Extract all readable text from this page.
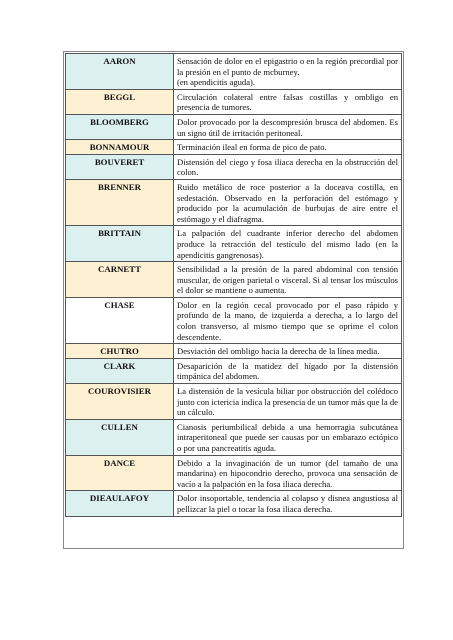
AARON	Sensación de dolor en el epigastrio o en la región precordial por la presión en el punto de mcburney.
(en apendicitis aguda).
BEGGL	Circulación colateral entre falsas costillas y ombligo en presencia de tumores.
BLOOMBERG	Dolor provocado por la descompresión brusca del abdomen. Es un signo útil de irritación peritoneal.
BONNAMOUR	Terminación ileal en forma de pico de pato.
BOUVERET	Distensión del ciego y fosa iliaca derecha en la obstrucción del colon.
BRENNER	Ruido metálico de roce posterior a la doceava costilla, en sedestación. Observado en la perforación del estómago y producido por la acumulación de burbujas de aire entre el estómago y el diafragma.
BRITTAIN	La palpación del cuadrante inferior derecho del abdomen produce la retracción del testículo del mismo lado (en la apendicitis gangrenosas).
CARNETT	Sensibilidad a la presión de la pared abdominal con tensión muscular, de origen parietal o visceral. Si al tensar los músculos el dolor se mantiene o aumenta.
CHASE	Dolor en la región cecal provocado por el paso rápido y profundo de la mano, de izquierda a derecha, a lo largo del colon transverso, al mismo tiempo que se oprime el colon descendente.
CHUTRO	Desviación del ombligo hacia la derecha de la línea media.
CLARK	Desaparición de la matidez del hígado por la distensión timpánica del abdomen.
COUROVISIER	La distensión de la vesícula biliar por obstrucción del colédoco junto con ictericia indica la presencia de un tumor más que la de un cálculo.
CULLEN	Cianosis periumbilical debida a una hemorragia subcutánea intraperitoneal que puede ser causas por un embarazo ectópico o por una pancreatitis aguda.
DANCE	Debido a la invaginación de un tumor (del tamaño de una mandarina) en hipocondrio derecho, provoca una sensación de vacío a la palpación en la fosa iliaca derecha.
DIEAULAFOY	Dolor insoportable, tendencia al colapso y disnea angustiosa al pellizcar la piel o tocar la fosa iliaca derecha.
